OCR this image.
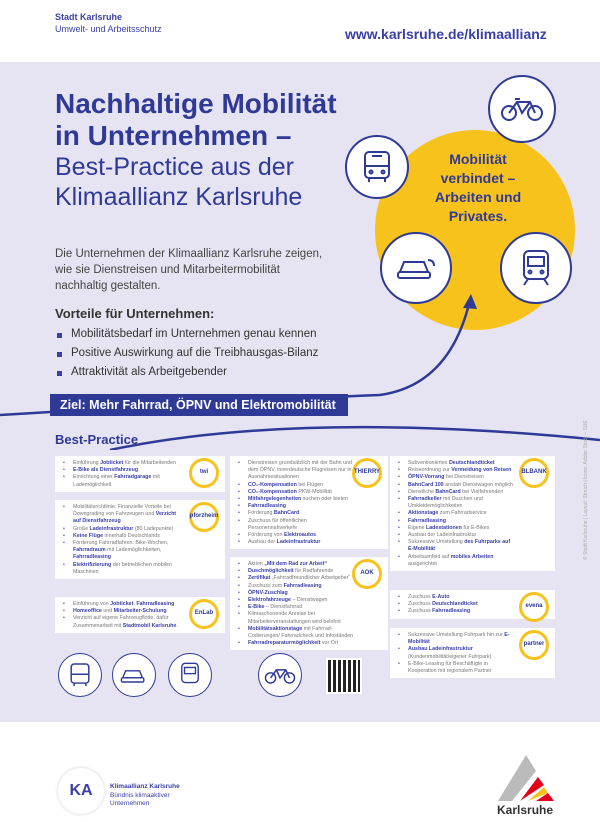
Stadt Karlsruhe
Umwelt- und Arbeitsschutz	www.karlsruhe.de/klimaallianz
Nachhaltige Mobilität in Unternehmen –
Best-Practice aus der Klimaallianz Karlsruhe
Mobilität verbindet – Arbeiten und Privates.
Die Unternehmen der Klimaallianz Karlsruhe zeigen, wie sie Dienstreisen und Mitarbeitermobilität nachhaltig gestalten.
Vorteile für Unternehmen:
Mobilitätsbedarf im Unternehmen genau kennen
Positive Auswirkung auf die Treibhausgas-Bilanz
Attraktivität als Arbeitgebender
Ziel: Mehr Fahrrad, ÖPNV und Elektromobilität
Best-Practice
• Einführung Jobticket für die Mitarbeitenden
• E-Bike als Dienstfahrzeug
• Einrichtung einer Fahrradgarage mit Lademöglichkeit
twi
• Mobilitätsrichtlinie: Finanzielle Vorteile bei Downgrading von Fahrzeugen und Verzicht auf Dienstfahrzeug
• Große Ladeinfrastruktur (80 Ladepunkte)
• Keine Flüge innerhalb Deutschlands
• Förderung Fahrradfahren: Bike-Wochen, Fahrradraum mit Lademöglichkeiten, Fahrradleasing
• Elektrifizierung der betrieblichen mobilen Maschinen
pforzheim
• Einführung von Jobticket, Fahrradleasing
• Homeoffice und Mitarbeiter-Schulung
• Verzicht auf eigene Fahrzeugflotte, dafür Zusammenarbeit mit Stadtmobil Karlsruhe.
EnLab
• Dienstreisen grundsätzlich mit der Bahn und dem ÖPNV, innerdeutsche Flugreisen nur in Ausnahmesituationen
• CO₂-Kompensation bei Flügen
• CO₂-Kompensation PKW-Mobilität
• Mitfahrgelegenheiten suchen oder bieten
• Fahrradleasing
• Förderung BahnCard
• Zuschuss für öffentlichen Personennahverkehr
• Förderung von Elektroautos
• Ausbau der Ladeinfrastruktur
THIERRY
• Aktion „Mit dem Rad zur Arbeit“
• Duschmöglichkeit für Radfahrende
• Zertifikat „Fahrradfreundlicher Arbeitgeber“
• Zuschuss zum Fahrradleasing
• ÖPNV-Zuschlag
• Elektrofahrzeuge – Dienstwagen
• E-Bike – Dienstfahrrad
• Klimaschonende Anreise bei Mitarbeiterveranstaltungen wird belohnt
• Mobilitätsaktionstage mit Fahrrad-Codierungen/ Fahrradcheck und Infoständen
• Fahrradreparaturmöglichkeit vor Ort
AOK
• Subventioniertes Deutschlandticket
• Reiseordnung zur Vermeidung von Reisen
• ÖPNV-Vorrang bei Dienstreisen
• BahnCard 100 anstatt Dienstwagen möglich
• Dienstliche BahnCard bei Vielfahrenden
• Fahrradkeller mit Duschen und Umkleidemöglichkeiten
• Aktionstage zum Fahrradservice
• Fahrradleasing
• Eigene Ladestationen für E-Bikes
• Ausbau der Ladeinfrastruktur
• Sukzessive Umstellung des Fuhrparks auf E-Mobilität
• Arbeitsumfeld auf mobiles Arbeiten ausgerichtet
BLBANK
• Zuschuss E-Auto
• Zuschuss Deutschlandticket
• Zuschuss Fahrradleasing
evena
• Sukzessive Umstellung Fuhrpark hin zur E-Mobilität
• Ausbau Ladeinfrastruktur (Kundenmobilität/eigener Fuhrpark)
• E-Bike-Leasing für Beschäftigte in Kooperation mit regionalem Partner
partner
© Stadt Karlsruhe | Layout: Streich | Icons: Adobe Stock – SUE
KA	Klimaallianz Karlsruhe
Bündnis klimaaktiver Unternehmen	Karlsruhe
